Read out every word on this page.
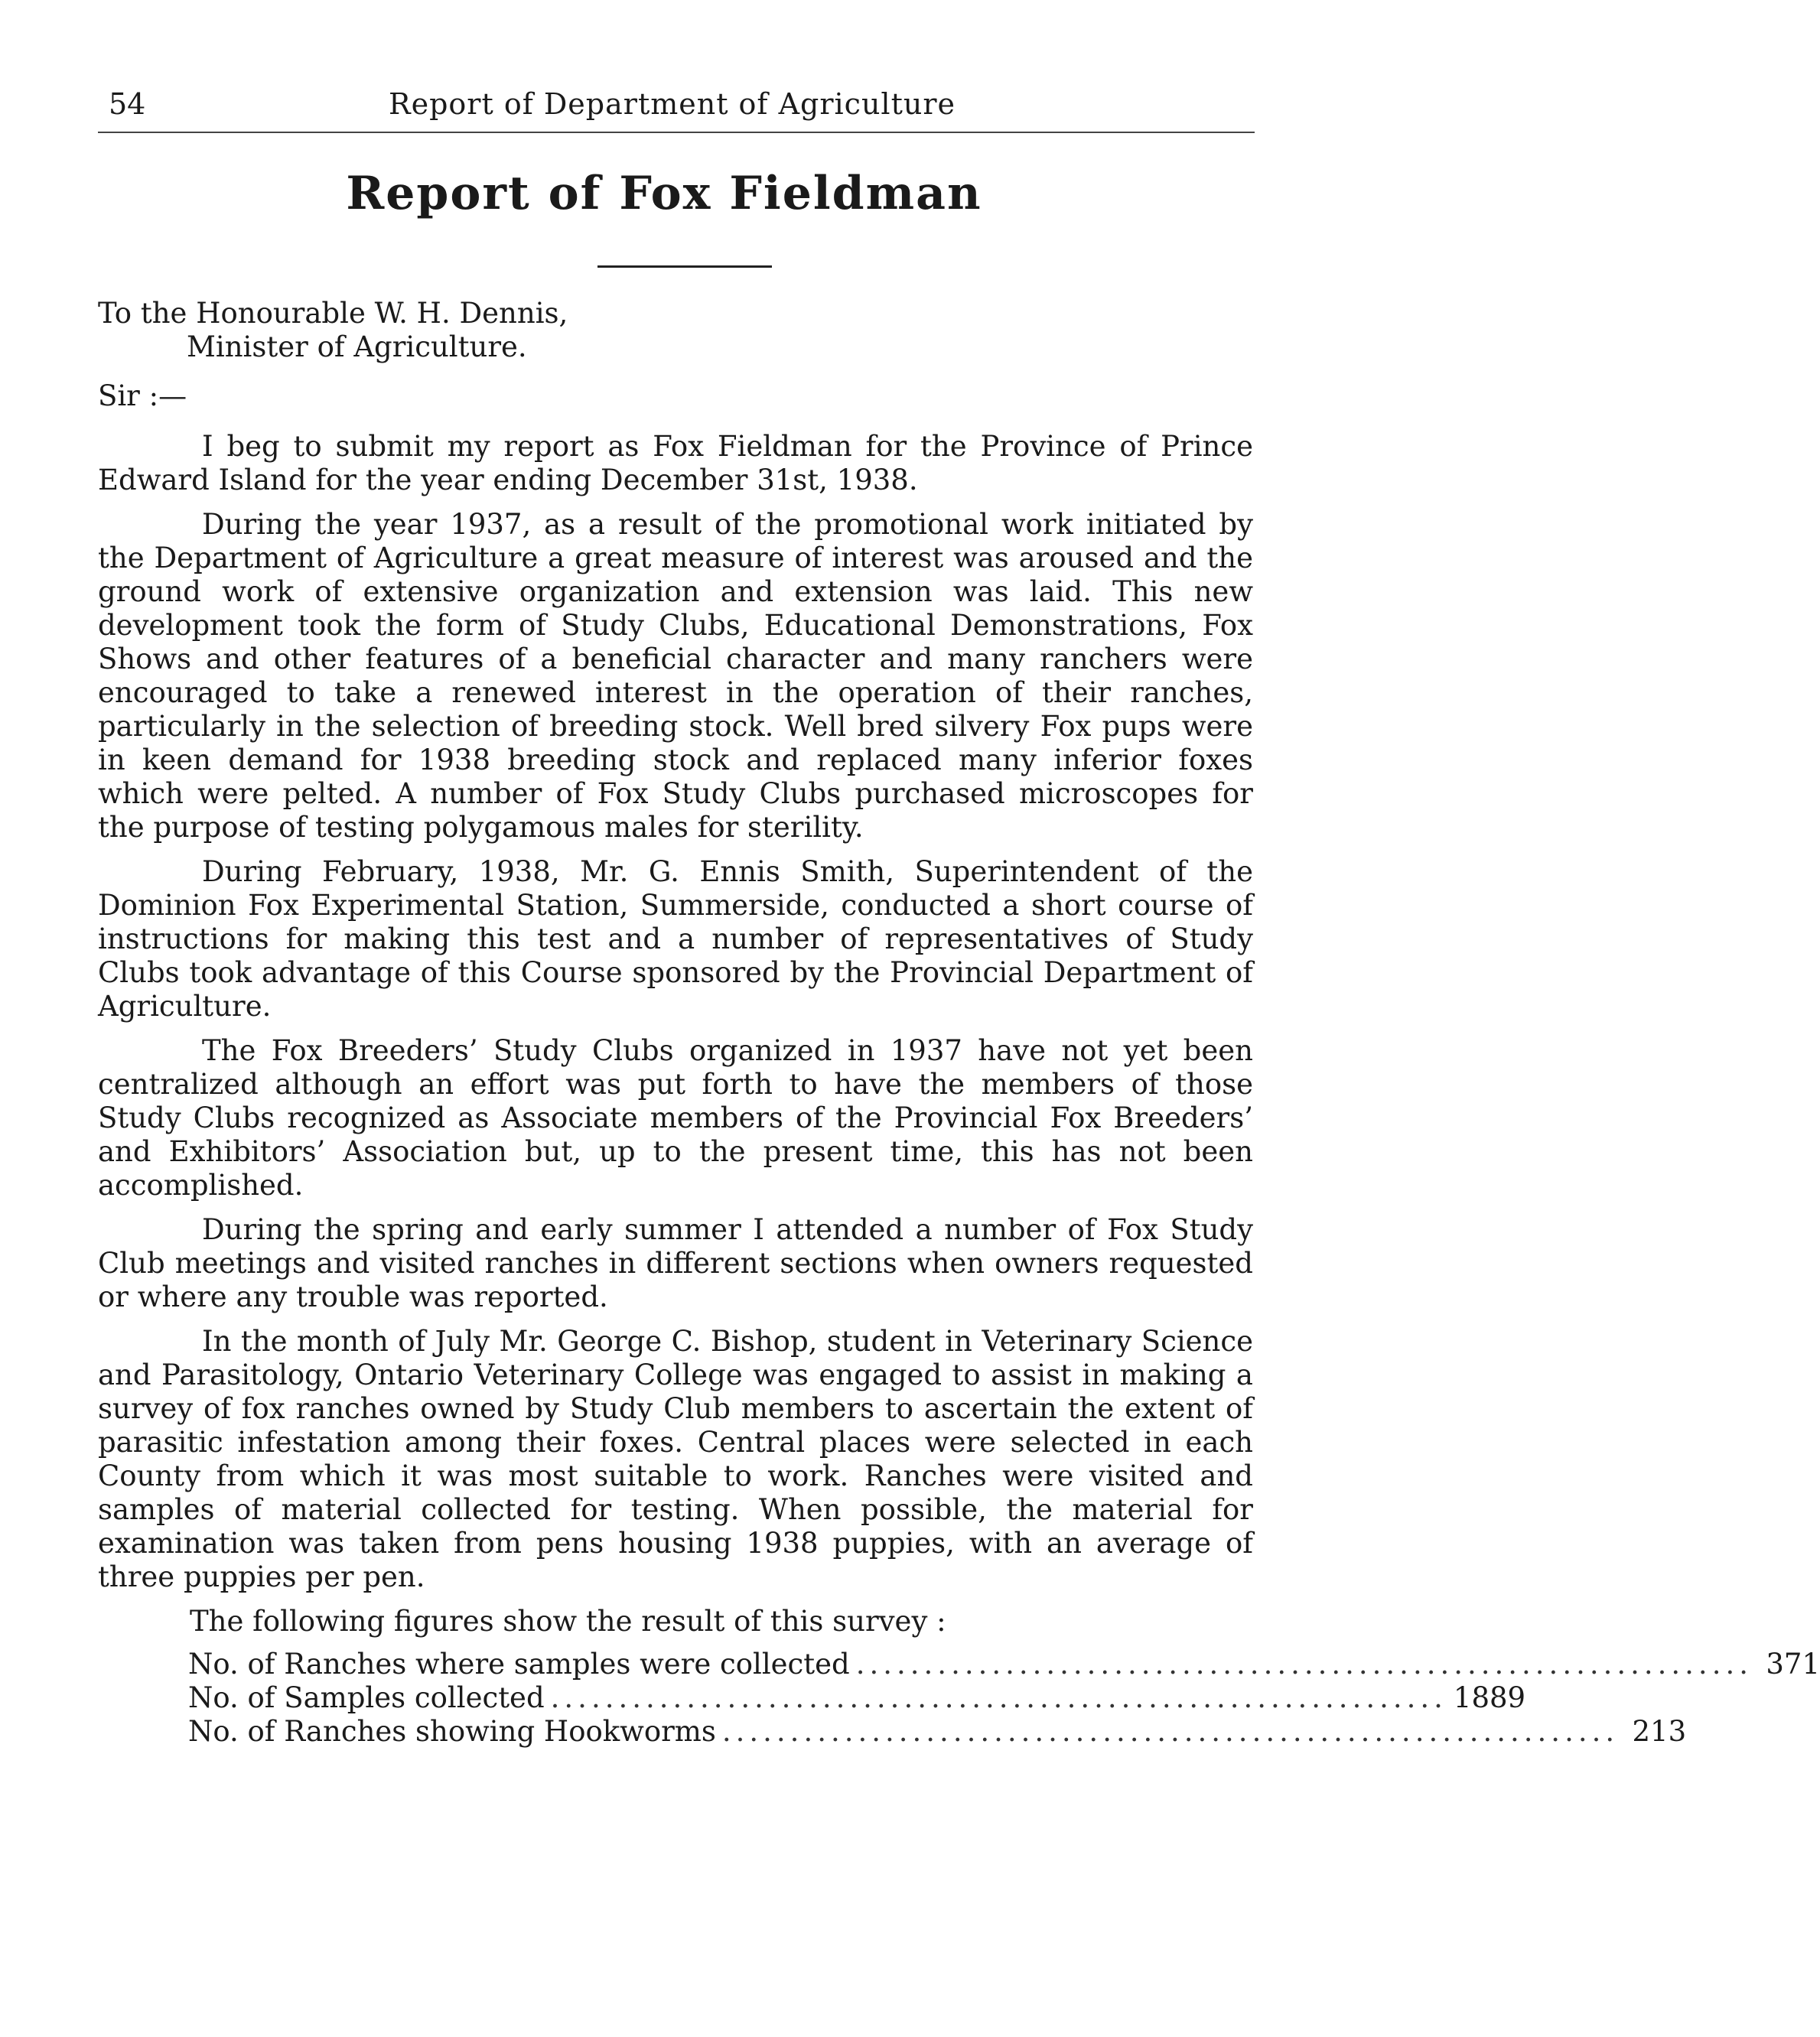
54	Report of Department of Agriculture
Report of Fox Fieldman

To the Honourable W. H. Dennis,
Minister of Agriculture.

Sir :—

I beg to submit my report as Fox Fieldman for the Province of Prince Edward Island for the year ending December 31st, 1938.

During the year 1937, as a result of the promotional work initiated by the Department of Agriculture a great measure of interest was aroused and the ground work of extensive organization and extension was laid. This new development took the form of Study Clubs, Educational Demonstrations, Fox Shows and other features of a beneficial character and many ranchers were encouraged to take a renewed interest in the operation of their ranches, particularly in the selection of breeding stock. Well bred silvery Fox pups were in keen demand for 1938 breeding stock and replaced many inferior foxes which were pelted. A number of Fox Study Clubs purchased microscopes for the purpose of testing polygamous males for sterility.

During February, 1938, Mr. G. Ennis Smith, Superintendent of the Dominion Fox Experimental Station, Summerside, conducted a short course of instructions for making this test and a number of representatives of Study Clubs took advantage of this Course sponsored by the Provincial Department of Agriculture.

The Fox Breeders’ Study Clubs organized in 1937 have not yet been centralized although an effort was put forth to have the members of those Study Clubs recognized as Associate members of the Provincial Fox Breeders’ and Exhibitors’ Association but, up to the present time, this has not been accomplished.

During the spring and early summer I attended a number of Fox Study Club meetings and visited ranches in different sections when owners requested or where any trouble was reported.

In the month of July Mr. George C. Bishop, student in Veterinary Science and Parasitology, Ontario Veterinary College was engaged to assist in making a survey of fox ranches owned by Study Club members to ascertain the extent of parasitic infestation among their foxes. Central places were selected in each County from which it was most suitable to work. Ranches were visited and samples of material collected for testing. When possible, the material for examination was taken from pens housing 1938 puppies, with an average of three puppies per pen.

The following figures show the result of this survey :

No. of Ranches where samples were collected .................................................................. 371
No. of Samples collected .................................................................. 1889
No. of Ranches showing Hookworms .................................................................. 213
